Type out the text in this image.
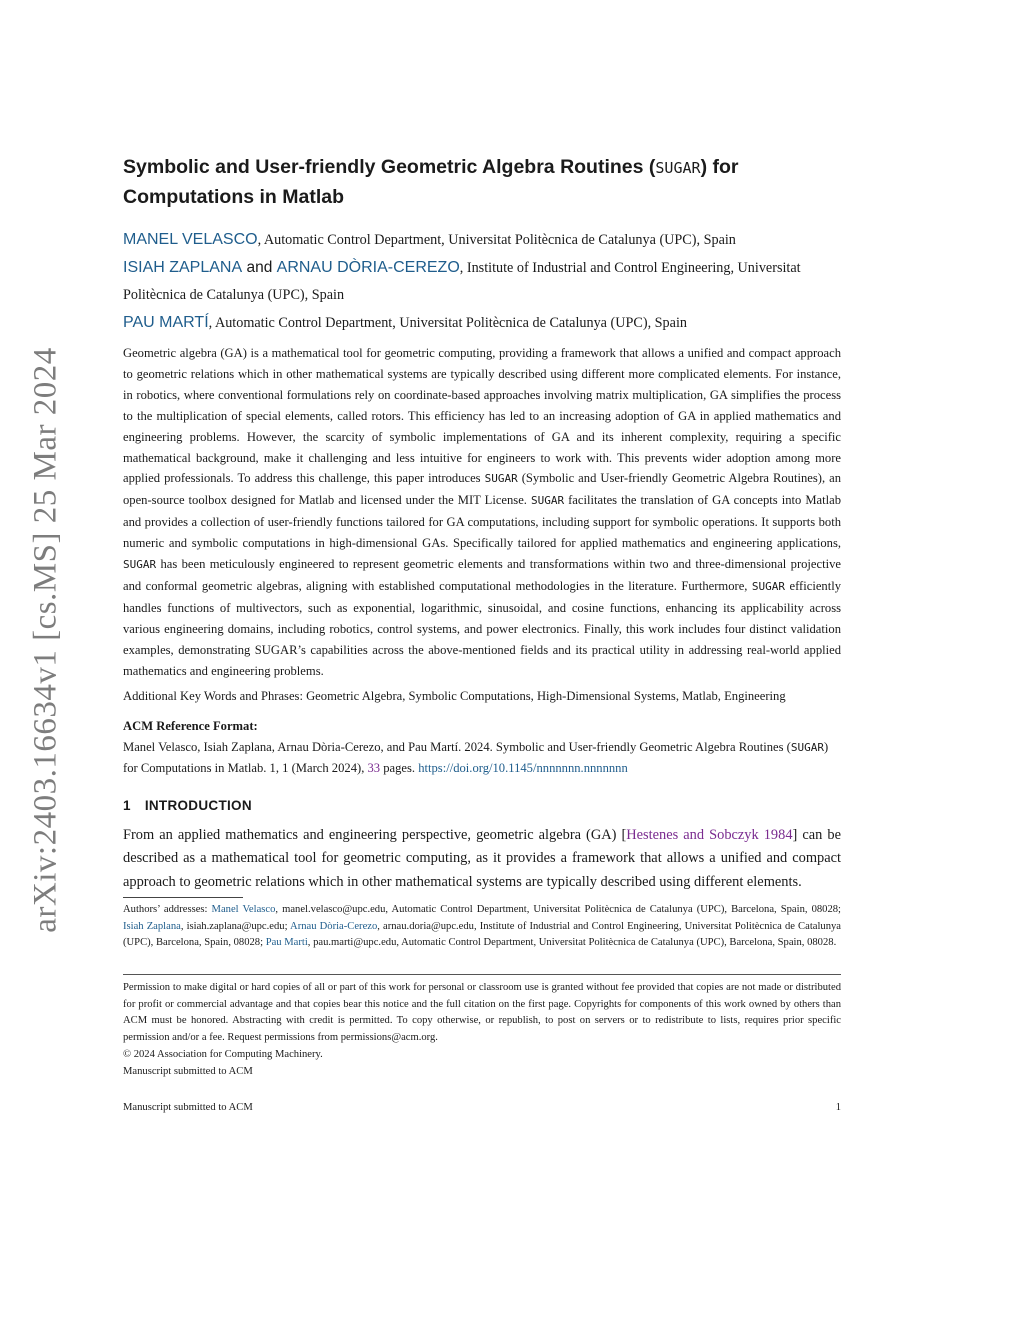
arXiv:2403.16634v1 [cs.MS] 25 Mar 2024
Symbolic and User-friendly Geometric Algebra Routines (SUGAR) for Computations in Matlab

MANEL VELASCO, Automatic Control Department, Universitat Politècnica de Catalunya (UPC), Spain

ISIAH ZAPLANA and ARNAU DÒRIA-CEREZO, Institute of Industrial and Control Engineering, Universitat Politècnica de Catalunya (UPC), Spain

PAU MARTÍ, Automatic Control Department, Universitat Politècnica de Catalunya (UPC), Spain

Geometric algebra (GA) is a mathematical tool for geometric computing, providing a framework that allows a unified and compact approach to geometric relations which in other mathematical systems are typically described using different more complicated elements. For instance, in robotics, where conventional formulations rely on coordinate-based approaches involving matrix multiplication, GA simplifies the process to the multiplication of special elements, called rotors. This efficiency has led to an increasing adoption of GA in applied mathematics and engineering problems. However, the scarcity of symbolic implementations of GA and its inherent complexity, requiring a specific mathematical background, make it challenging and less intuitive for engineers to work with. This prevents wider adoption among more applied professionals. To address this challenge, this paper introduces SUGAR (Symbolic and User-friendly Geometric Algebra Routines), an open-source toolbox designed for Matlab and licensed under the MIT License. SUGAR facilitates the translation of GA concepts into Matlab and provides a collection of user-friendly functions tailored for GA computations, including support for symbolic operations. It supports both numeric and symbolic computations in high-dimensional GAs. Specifically tailored for applied mathematics and engineering applications, SUGAR has been meticulously engineered to represent geometric elements and transformations within two and three-dimensional projective and conformal geometric algebras, aligning with established computational methodologies in the literature. Furthermore, SUGAR efficiently handles functions of multivectors, such as exponential, logarithmic, sinusoidal, and cosine functions, enhancing its applicability across various engineering domains, including robotics, control systems, and power electronics. Finally, this work includes four distinct validation examples, demonstrating SUGAR’s capabilities across the above-mentioned fields and its practical utility in addressing real-world applied mathematics and engineering problems.

Additional Key Words and Phrases: Geometric Algebra, Symbolic Computations, High-Dimensional Systems, Matlab, Engineering

ACM Reference Format:

Manel Velasco, Isiah Zaplana, Arnau Dòria-Cerezo, and Pau Martí. 2024. Symbolic and User-friendly Geometric Algebra Routines (SUGAR) for Computations in Matlab. 1, 1 (March 2024), 33 pages. https://doi.org/10.1145/nnnnnnn.nnnnnnn

1 INTRODUCTION

From an applied mathematics and engineering perspective, geometric algebra (GA) [Hestenes and Sobczyk 1984] can be described as a mathematical tool for geometric computing, as it provides a framework that allows a unified and compact approach to geometric relations which in other mathematical systems are typically described using different elements.

Authors’ addresses: Manel Velasco, manel.velasco@upc.edu, Automatic Control Department, Universitat Politècnica de Catalunya (UPC), Barcelona, Spain, 08028; Isiah Zaplana, isiah.zaplana@upc.edu; Arnau Dòria-Cerezo, arnau.doria@upc.edu, Institute of Industrial and Control Engineering, Universitat Politècnica de Catalunya (UPC), Barcelona, Spain, 08028; Pau Marti, pau.marti@upc.edu, Automatic Control Department, Universitat Politècnica de Catalunya (UPC), Barcelona, Spain, 08028.

Permission to make digital or hard copies of all or part of this work for personal or classroom use is granted without fee provided that copies are not made or distributed for profit or commercial advantage and that copies bear this notice and the full citation on the first page. Copyrights for components of this work owned by others than ACM must be honored. Abstracting with credit is permitted. To copy otherwise, or republish, to post on servers or to redistribute to lists, requires prior specific permission and/or a fee. Request permissions from permissions@acm.org.

© 2024 Association for Computing Machinery.

Manuscript submitted to ACM

Manuscript submitted to ACM	1
